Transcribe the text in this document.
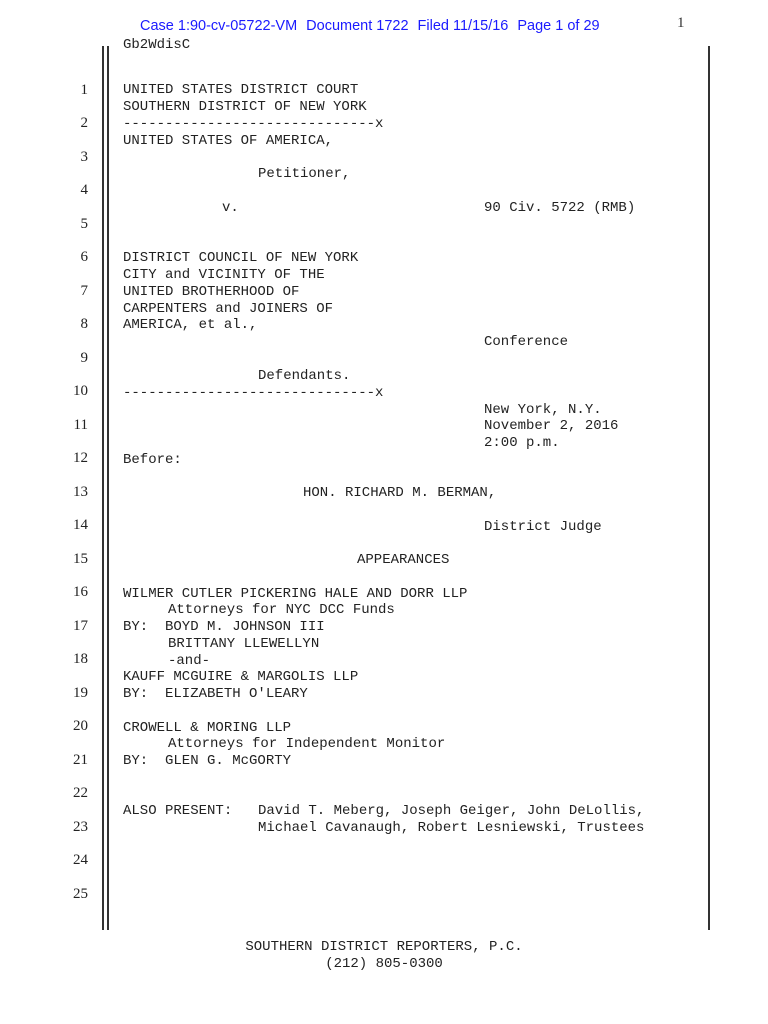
Case 1:90-cv-05722-VM Document 1722 Filed 11/15/16 Page 1 of 29	1
Gb2WdisC
1
2
3
4
5
6
7
8
9
10
11
12
13
14
15
16
17
18
19
20
21
22
23
24
25
UNITED STATES DISTRICT COURT
SOUTHERN DISTRICT OF NEW YORK
------------------------------x
UNITED STATES OF AMERICA,
Petitioner,
v.	90 Civ. 5722 (RMB)
DISTRICT COUNCIL OF NEW YORK
CITY and VICINITY OF THE
UNITED BROTHERHOOD OF
CARPENTERS and JOINERS OF
AMERICA, et al.,
Conference
Defendants.
------------------------------x
New York, N.Y.
November 2, 2016
2:00 p.m.
Before:
HON. RICHARD M. BERMAN,
District Judge
APPEARANCES
WILMER CUTLER PICKERING HALE AND DORR LLP
Attorneys for NYC DCC Funds
BY:  BOYD M. JOHNSON III
BRITTANY LLEWELLYN
-and-
KAUFF MCGUIRE & MARGOLIS LLP
BY:  ELIZABETH O'LEARY
CROWELL & MORING LLP
Attorneys for Independent Monitor
BY:  GLEN G. McGORTY
ALSO PRESENT: David T. Meberg, Joseph Geiger, John DeLollis,
Michael Cavanaugh, Robert Lesniewski, Trustees
SOUTHERN DISTRICT REPORTERS, P.C.
(212) 805-0300
